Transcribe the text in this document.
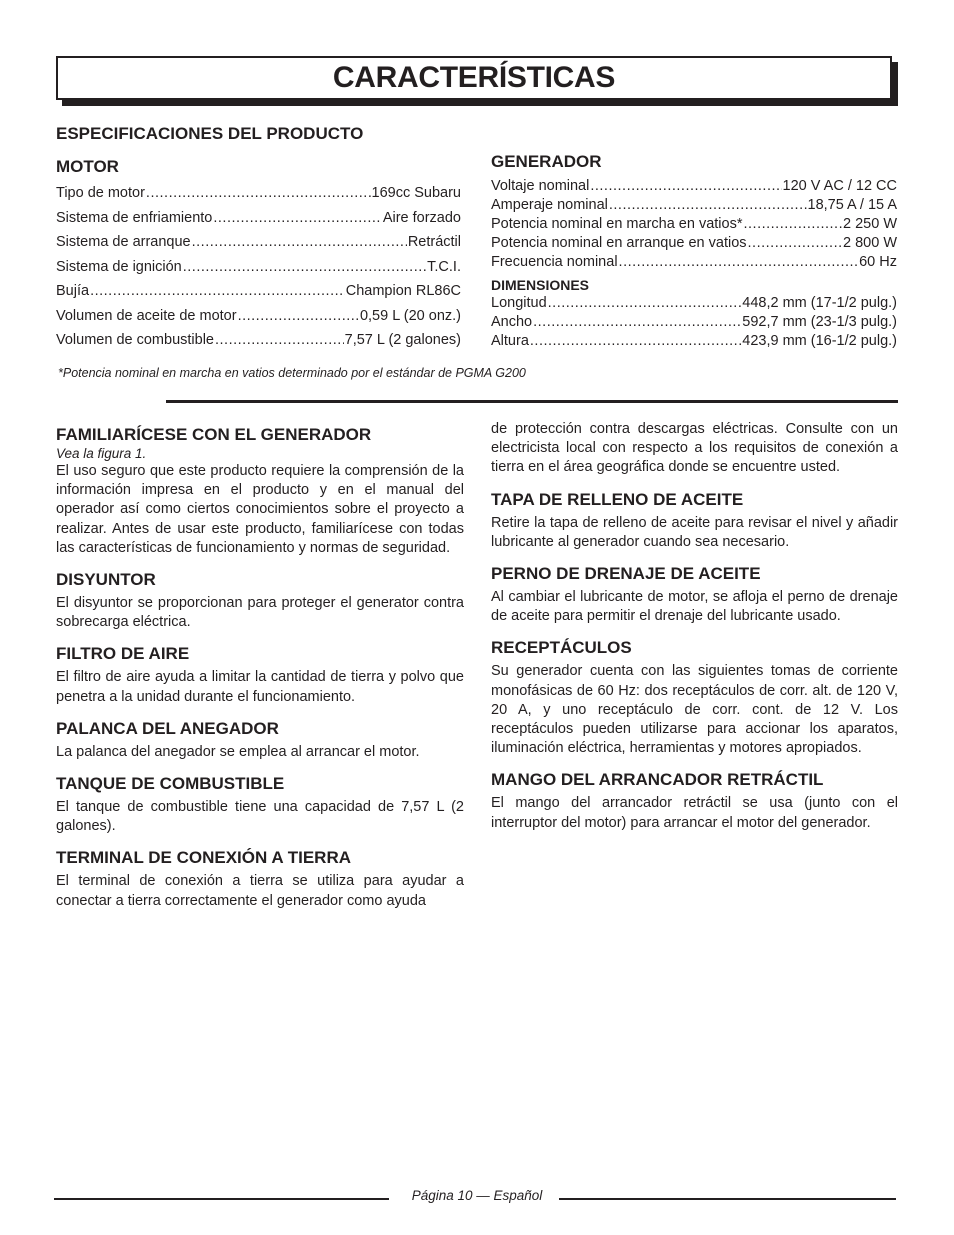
CARACTERÍSTICAS
ESPECIFICACIONES DEL PRODUCTO
MOTOR
Tipo de motor .....	169cc Subaru
Sistema de enfriamiento .....	Aire forzado
Sistema de arranque .....	Retráctil
Sistema de ignición .....	T.C.I.
Bujía .....	Champion RL86C
Volumen de aceite de motor .....	0,59 L (20 onz.)
Volumen de combustible .....	7,57 L (2 galones)
GENERADOR
Voltaje nominal .....	120 V AC / 12 CC
Amperaje nominal .....	18,75 A / 15 A
Potencia nominal en marcha en vatios* .....	2 250 W
Potencia nominal en arranque en vatios .....	2 800 W
Frecuencia nominal .....	60 Hz
DIMENSIONES
Longitud .....	448,2 mm (17-1/2 pulg.)
Ancho .....	592,7 mm (23-1/3 pulg.)
Altura .....	423,9 mm (16-1/2 pulg.)
*Potencia nominal en marcha en vatios determinado por el estándar de PGMA G200
FAMILIARÍCESE CON EL GENERADOR

Vea la figura 1.

El uso seguro que este producto requiere la comprensión de la información impresa en el producto y en el manual del operador así como ciertos conocimientos sobre el proyecto a realizar. Antes de usar este producto, familiarícese con todas las características de funcionamiento y normas de seguridad.

DISYUNTOR

El disyuntor se proporcionan para proteger el generator contra sobrecarga eléctrica.

FILTRO DE AIRE

El filtro de aire ayuda a limitar la cantidad de tierra y polvo que penetra a la unidad durante el funcionamiento.

PALANCA DEL ANEGADOR

La palanca del anegador se emplea al arrancar el motor.

TANQUE DE COMBUSTIBLE

El tanque de combustible tiene una capacidad de 7,57 L (2 galones).

TERMINAL DE CONEXIÓN A TIERRA

El terminal de conexión a tierra se utiliza para ayudar a conectar a tierra correctamente el generador como ayuda

de protección contra descargas eléctricas. Consulte con un electricista local con respecto a los requisitos de conexión a tierra en el área geográfica donde se encuentre usted.

TAPA DE RELLENO DE ACEITE

Retire la tapa de relleno de aceite para revisar el nivel y añadir lubricante al generador cuando sea necesario.

PERNO DE DRENAJE DE ACEITE

Al cambiar el lubricante de motor, se afloja el perno de drenaje de aceite para permitir el drenaje del lubricante usado.

RECEPTÁCULOS

Su generador cuenta con las siguientes tomas de corriente monofásicas de 60 Hz: dos receptáculos de corr. alt. de 120 V, 20 A, y uno receptáculo de corr. cont. de 12 V. Los receptáculos pueden utilizarse para accionar los aparatos, iluminación eléctrica, herramientas y motores apropiados.

MANGO DEL ARRANCADOR RETRÁCTIL

El mango del arrancador retráctil se usa (junto con el interruptor del motor) para arrancar el motor del generador.

Página 10 — Español
